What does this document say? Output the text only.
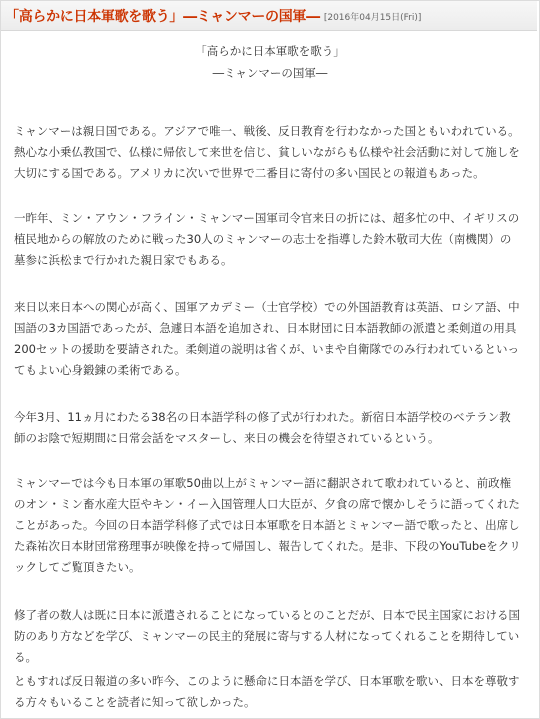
「高らかに日本軍歌を歌う」―ミャンマーの国軍― [2016年04月15日(Fri)]
「高らかに日本軍歌を歌う」
―ミャンマーの国軍―

ミャンマーは親日国である。アジアで唯一、戦後、反日教育を行わなかった国ともいわれている。熱心な小乗仏教国で、仏様に帰依して来世を信じ、貧しいながらも仏様や社会活動に対して施しを大切にする国である。アメリカに次いで世界で二番目に寄付の多い国民との報道もあった。

一昨年、ミン・アウン・フライン・ミャンマー国軍司令官来日の折には、超多忙の中、イギリスの植民地からの解放のために戦った30人のミャンマーの志士を指導した鈴木敬司大佐（南機関）の墓参に浜松まで行かれた親日家でもある。

来日以来日本への関心が高く、国軍アカデミー（士官学校）での外国語教育は英語、ロシア語、中国語の3カ国語であったが、急遽日本語を追加され、日本財団に日本語教師の派遣と柔剣道の用具200セットの援助を要請された。柔剣道の説明は省くが、いまや自衛隊でのみ行われているといってもよい心身鍛錬の柔術である。

今年3月、11ヵ月にわたる38名の日本語学科の修了式が行われた。新宿日本語学校のベテラン教師のお陰で短期間に日常会話をマスターし、来日の機会を待望されているという。

ミャンマーでは今も日本軍の軍歌50曲以上がミャンマー語に翻訳されて歌われていると、前政権のオン・ミン畜水産大臣やキン・イー入国管理人口大臣が、夕食の席で懐かしそうに語ってくれたことがあった。今回の日本語学科修了式では日本軍歌を日本語とミャンマー語で歌ったと、出席した森祐次日本財団常務理事が映像を持って帰国し、報告してくれた。是非、下段のYouTubeをクリックしてご覧頂きたい。

修了者の数人は既に日本に派遣されることになっているとのことだが、日本で民主国家における国防のあり方などを学び、ミャンマーの民主的発展に寄与する人材になってくれることを期待している。

ともすれば反日報道の多い昨今、このように懸命に日本語を学び、日本軍歌を歌い、日本を尊敬する方々もいることを読者に知って欲しかった。
